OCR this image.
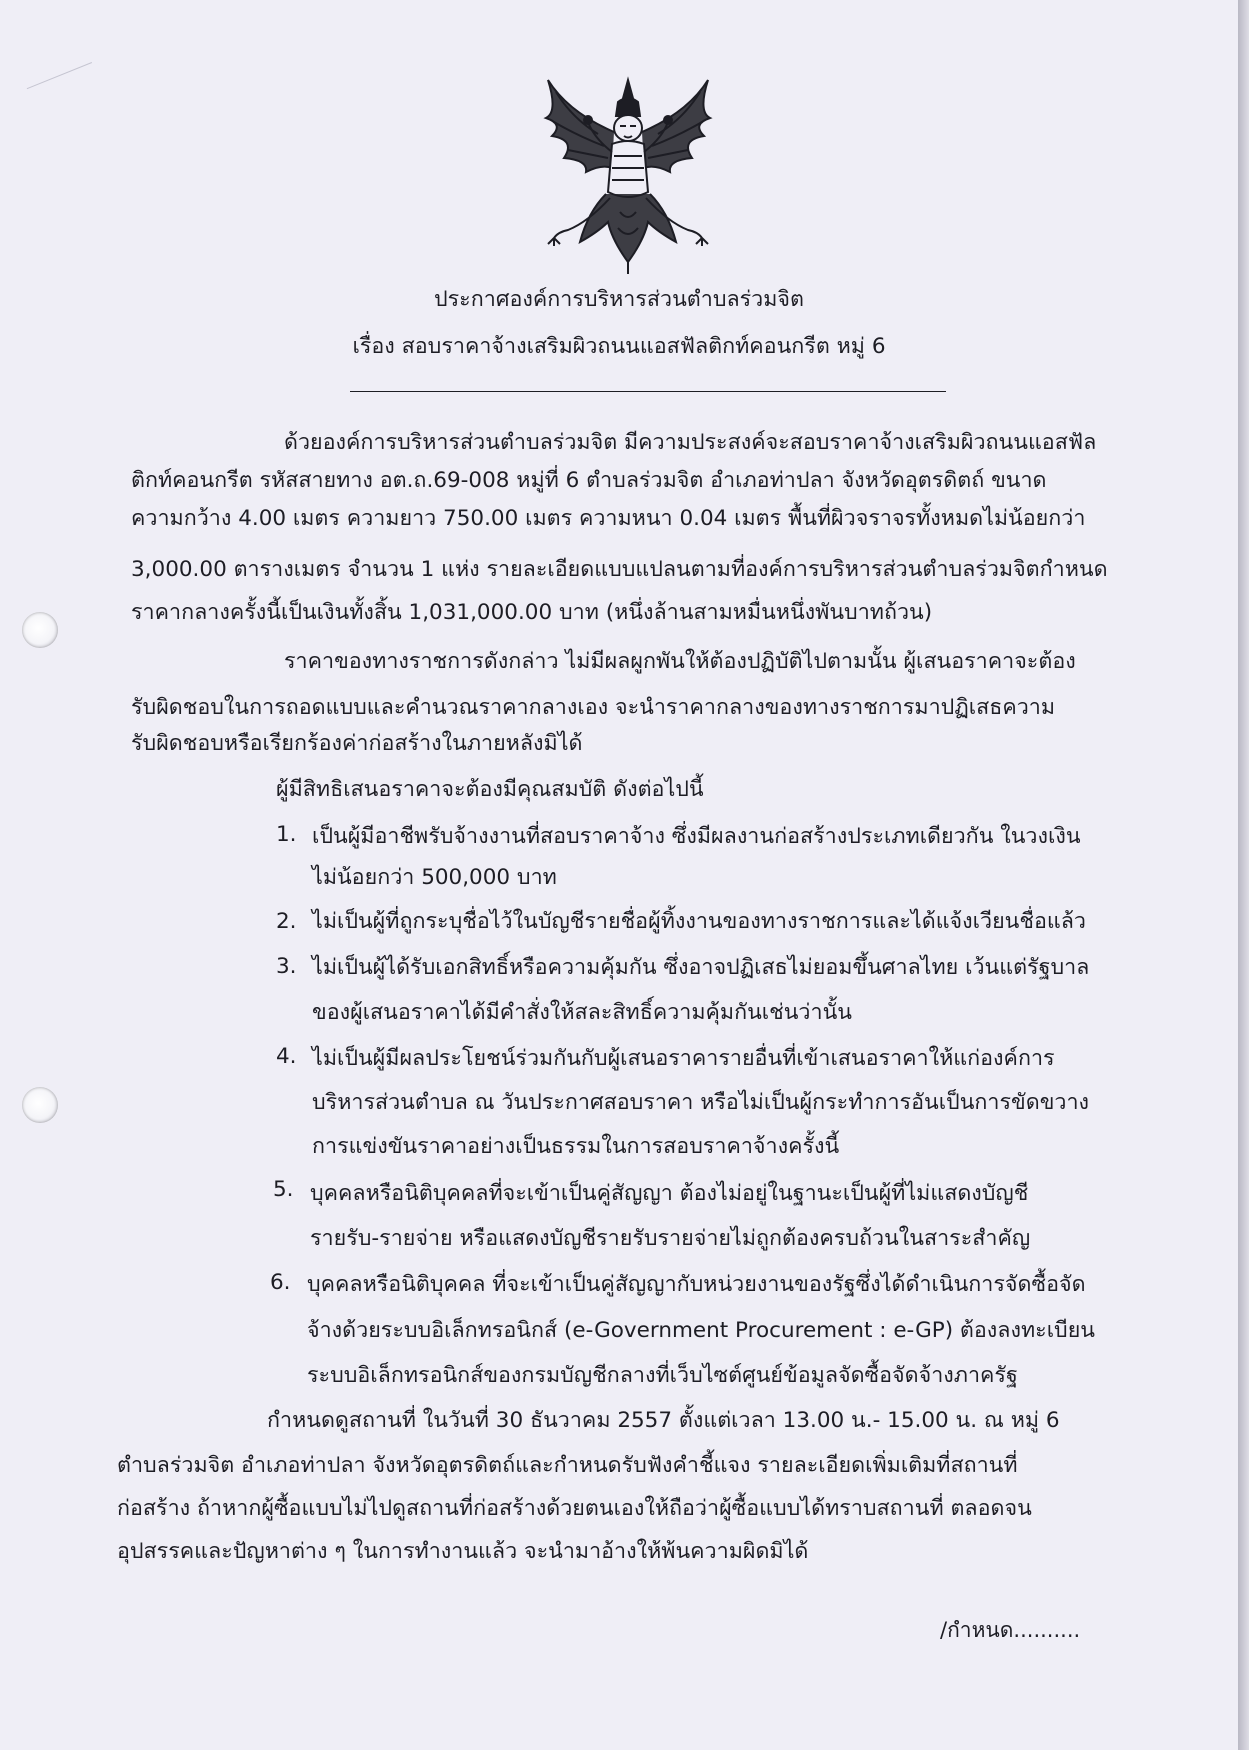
ประกาศองค์การบริหารส่วนตำบลร่วมจิต
เรื่อง สอบราคาจ้างเสริมผิวถนนแอสฟัลติกท์คอนกรีต หมู่ 6
ด้วยองค์การบริหารส่วนตำบลร่วมจิต มีความประสงค์จะสอบราคาจ้างเสริมผิวถนนแอสฟัล
ติกท์คอนกรีต รหัสสายทาง อต.ถ.69-008 หมู่ที่ 6 ตำบลร่วมจิต อำเภอท่าปลา จังหวัดอุตรดิตถ์ ขนาด
ความกว้าง 4.00 เมตร ความยาว 750.00 เมตร ความหนา 0.04 เมตร พื้นที่ผิวจราจรทั้งหมดไม่น้อยกว่า
3,000.00 ตารางเมตร จำนวน 1 แห่ง รายละเอียดแบบแปลนตามที่องค์การบริหารส่วนตำบลร่วมจิตกำหนด
ราคากลางครั้งนี้เป็นเงินทั้งสิ้น 1,031,000.00 บาท (หนึ่งล้านสามหมื่นหนึ่งพันบาทถ้วน)
ราคาของทางราชการดังกล่าว ไม่มีผลผูกพันให้ต้องปฏิบัติไปตามนั้น ผู้เสนอราคาจะต้อง
รับผิดชอบในการถอดแบบและคำนวณราคากลางเอง จะนำราคากลางของทางราชการมาปฏิเสธความ
รับผิดชอบหรือเรียกร้องค่าก่อสร้างในภายหลังมิได้
ผู้มีสิทธิเสนอราคาจะต้องมีคุณสมบัติ ดังต่อไปนี้
1. เป็นผู้มีอาชีพรับจ้างงานที่สอบราคาจ้าง ซึ่งมีผลงานก่อสร้างประเภทเดียวกัน ในวงเงิน
ไม่น้อยกว่า 500,000 บาท
2. ไม่เป็นผู้ที่ถูกระบุชื่อไว้ในบัญชีรายชื่อผู้ทิ้งงานของทางราชการและได้แจ้งเวียนชื่อแล้ว
3. ไม่เป็นผู้ได้รับเอกสิทธิ์หรือความคุ้มกัน ซึ่งอาจปฏิเสธไม่ยอมขึ้นศาลไทย เว้นแต่รัฐบาล
ของผู้เสนอราคาได้มีคำสั่งให้สละสิทธิ์ความคุ้มกันเช่นว่านั้น
4. ไม่เป็นผู้มีผลประโยชน์ร่วมกันกับผู้เสนอราคารายอื่นที่เข้าเสนอราคาให้แก่องค์การ
บริหารส่วนตำบล ณ วันประกาศสอบราคา หรือไม่เป็นผู้กระทำการอันเป็นการขัดขวาง
การแข่งขันราคาอย่างเป็นธรรมในการสอบราคาจ้างครั้งนี้
5. บุคคลหรือนิติบุคคลที่จะเข้าเป็นคู่สัญญา ต้องไม่อยู่ในฐานะเป็นผู้ที่ไม่แสดงบัญชี
รายรับ-รายจ่าย หรือแสดงบัญชีรายรับรายจ่ายไม่ถูกต้องครบถ้วนในสาระสำคัญ
6. บุคคลหรือนิติบุคคล ที่จะเข้าเป็นคู่สัญญากับหน่วยงานของรัฐซึ่งได้ดำเนินการจัดซื้อจัด
จ้างด้วยระบบอิเล็กทรอนิกส์ (e-Government Procurement : e-GP) ต้องลงทะเบียน
ระบบอิเล็กทรอนิกส์ของกรมบัญชีกลางที่เว็บไซต์ศูนย์ข้อมูลจัดซื้อจัดจ้างภาครัฐ
กำหนดดูสถานที่ ในวันที่ 30 ธันวาคม 2557 ตั้งแต่เวลา 13.00 น.- 15.00 น. ณ หมู่ 6
ตำบลร่วมจิต อำเภอท่าปลา จังหวัดอุตรดิตถ์และกำหนดรับฟังคำชี้แจง รายละเอียดเพิ่มเติมที่สถานที่
ก่อสร้าง ถ้าหากผู้ซื้อแบบไม่ไปดูสถานที่ก่อสร้างด้วยตนเองให้ถือว่าผู้ซื้อแบบได้ทราบสถานที่ ตลอดจน
อุปสรรคและปัญหาต่าง ๆ ในการทำงานแล้ว จะนำมาอ้างให้พ้นความผิดมิได้
/กำหนด..........
